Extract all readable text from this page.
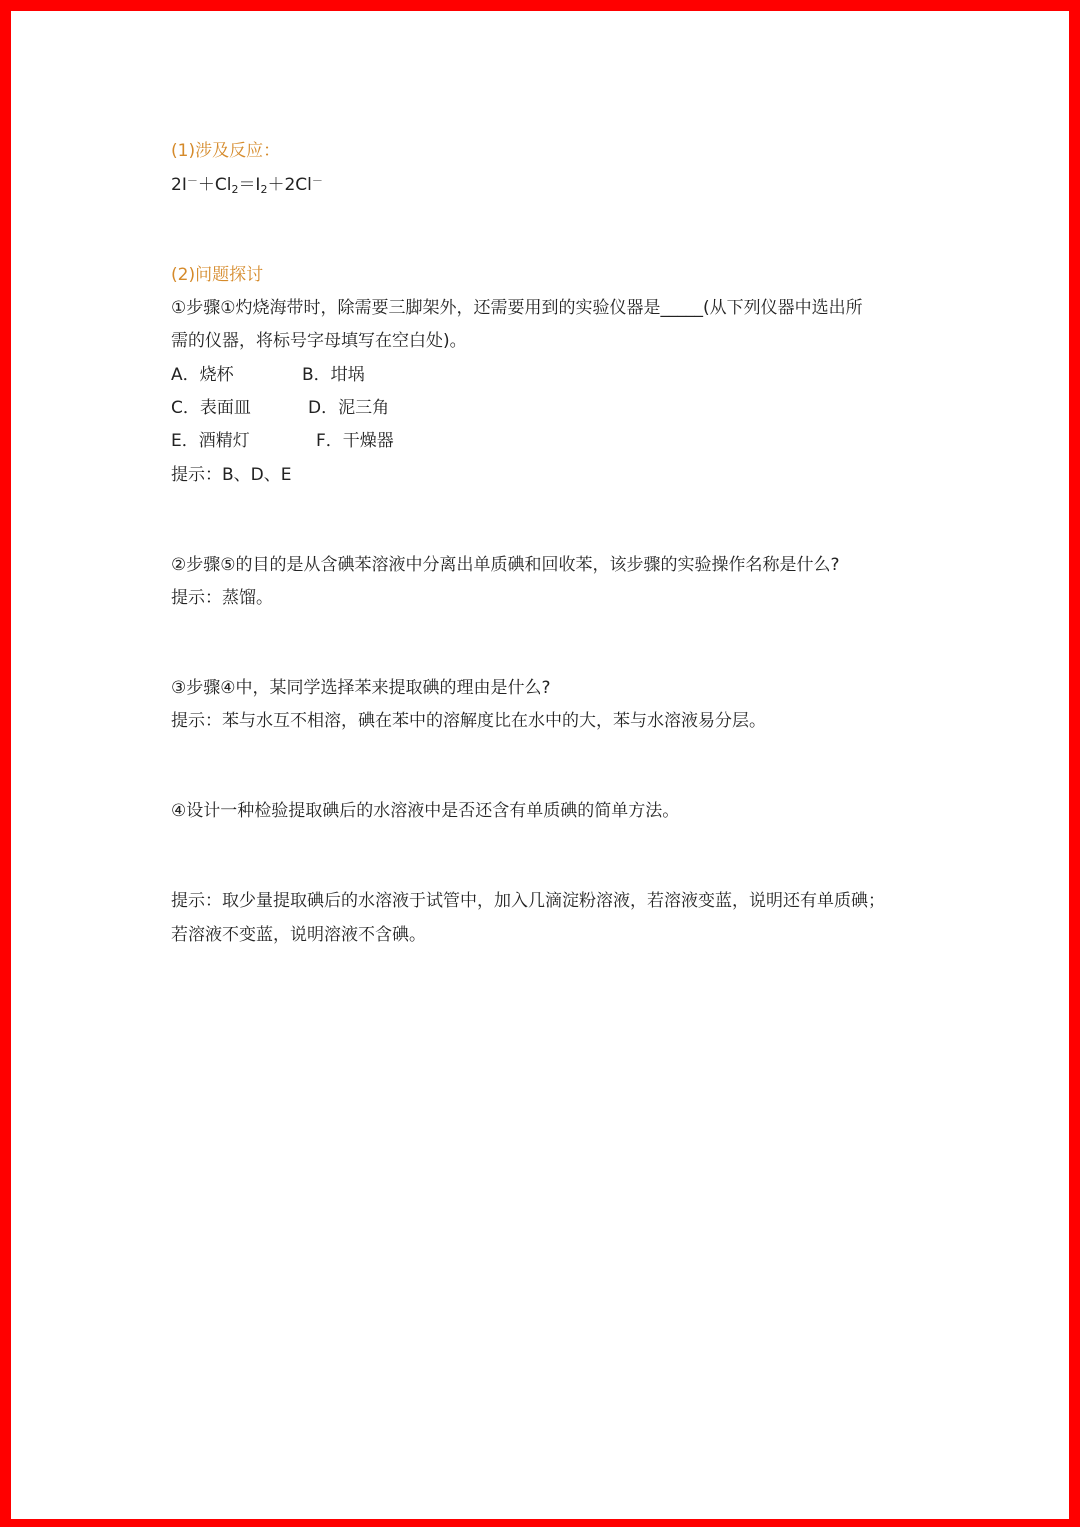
(1)涉及反应：
$2I^-+Cl_2=I_2+2Cl^-$
(2)问题探讨
①步骤①灼烧海带时，除需要三脚架外，还需要用到的实验仪器是_____(从下列仪器中选出所
需的仪器，将标号字母填写在空白处)。
A．烧杯	B．坩埚
C．表面皿	D．泥三角
E．酒精灯	F．干燥器
提示：B、D、E
②步骤⑤的目的是从含碘苯溶液中分离出单质碘和回收苯，该步骤的实验操作名称是什么?
提示：蒸馏。
③步骤④中，某同学选择苯来提取碘的理由是什么?
提示：苯与水互不相溶，碘在苯中的溶解度比在水中的大，苯与水溶液易分层。
④设计一种检验提取碘后的水溶液中是否还含有单质碘的简单方法。
提示：取少量提取碘后的水溶液于试管中，加入几滴淀粉溶液，若溶液变蓝，说明还有单质碘；
若溶液不变蓝，说明溶液不含碘。
